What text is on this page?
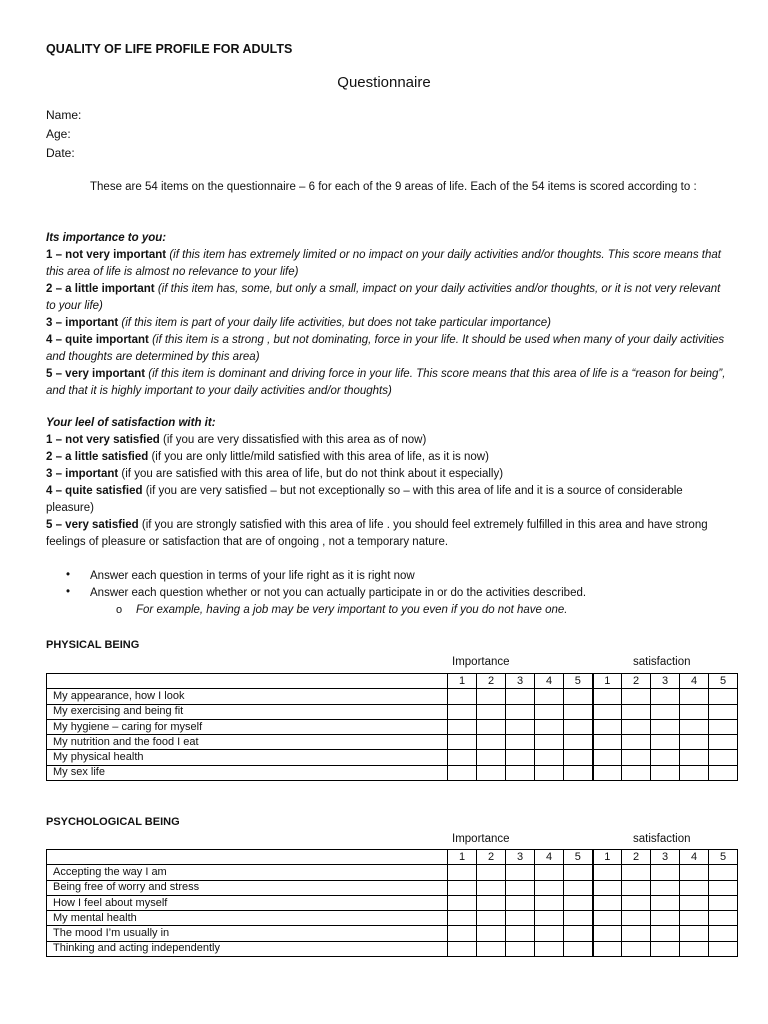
QUALITY OF LIFE PROFILE FOR ADULTS
Questionnaire
Name:
Age:
Date:
These are 54 items on the questionnaire – 6 for each of the 9 areas of life. Each of the 54 items is scored according to :
Its importance to you:
1 – not very important (if this item has extremely limited or no impact on your daily activities and/or thoughts. This score means that this area of life is almost no relevance to your life)
2 – a little important (if this item has, some, but only a small, impact on your daily activities and/or thoughts, or it is not very relevant to your life)
3 – important (if this item is part of your daily life activities, but does not take particular importance)
4 – quite important (if this item is a strong , but not dominating, force in your life. It should be used when many of your daily activities and thoughts are determined by this area)
5 – very important (if this item is dominant and driving force in your life. This score means that this area of life is a “reason for being”, and that it is highly important to your daily activities and/or thoughts)
Your leel of satisfaction with it:
1 – not very satisfied (if you are very dissatisfied with this area as of now)
2 – a little satisfied (if you are only little/mild satisfied with this area of life, as it is now)
3 – important (if you are satisfied with this area of life, but do not think about it especially)
4 – quite satisfied (if you are very satisfied – but not exceptionally so – with this area of life and it is a source of considerable pleasure)
5 – very satisfied (if you are strongly satisfied with this area of life . you should feel extremely fulfilled in this area and have strong feelings of pleasure or satisfaction that are of ongoing , not a temporary nature.
• Answer each question in terms of your life right as it is right now
• Answer each question whether or not you can actually participate in or do the activities described.
o For example, having a job may be very important to you even if you do not have one.
PHYSICAL BEING
Importance	satisfaction
	1	2	3	4	5	1	2	3	4	5
My appearance, how I look										
My exercising and being fit										
My hygiene – caring for myself										
My nutrition and the food I eat										
My physical health										
My sex life										
PSYCHOLOGICAL BEING
Importance	satisfaction
	1	2	3	4	5	1	2	3	4	5
Accepting the way I am										
Being free of worry and stress										
How I feel about myself										
My mental health										
The mood I’m usually in										
Thinking and acting independently										
